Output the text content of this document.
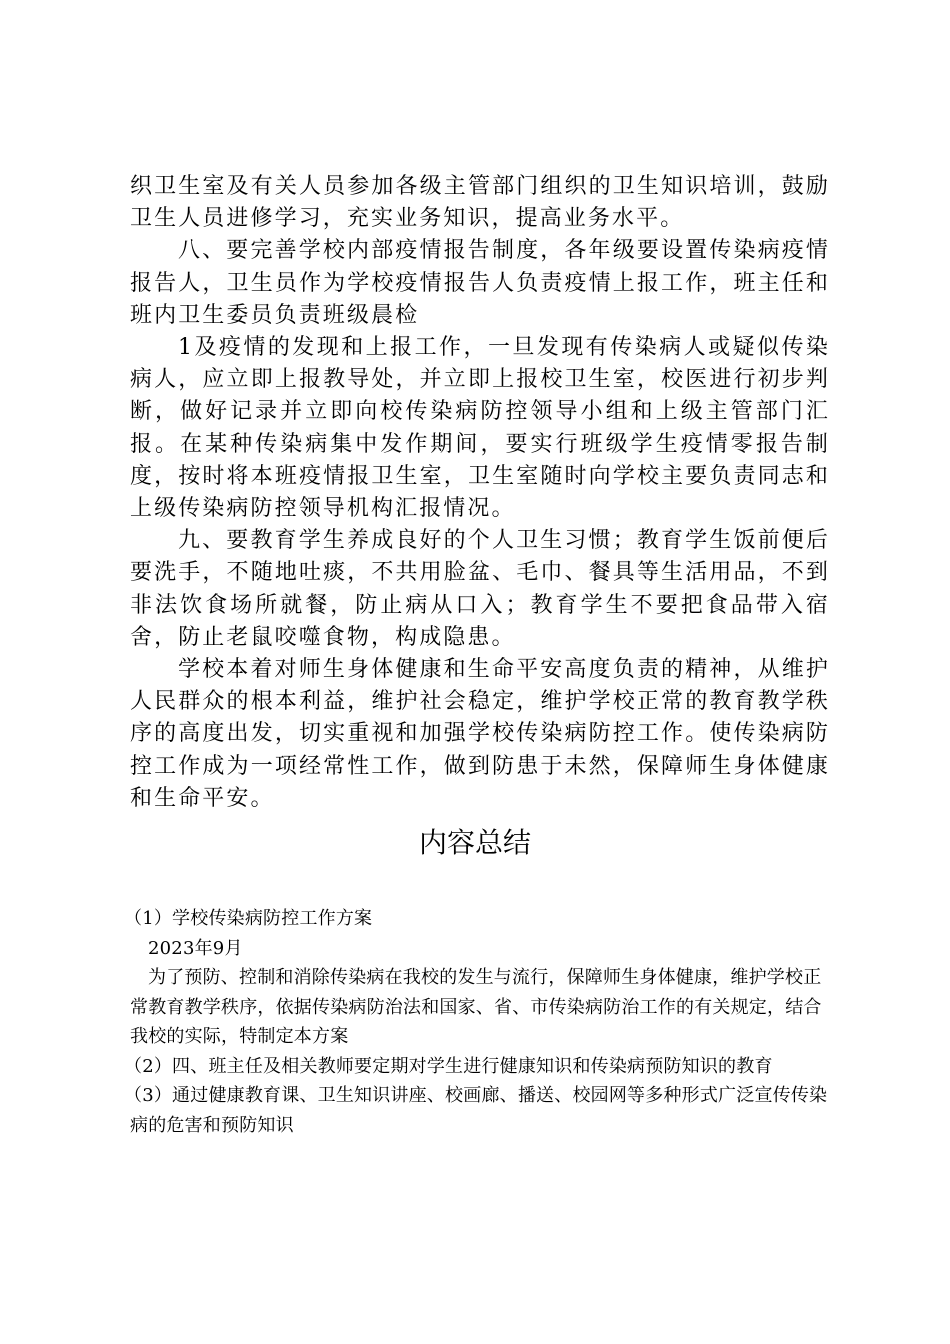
织卫生室及有关人员参加各级主管部门组织的卫生知识培训，鼓励卫生人员进修学习，充实业务知识，提高业务水平。

八、要完善学校内部疫情报告制度，各年级要设置传染病疫情报告人，卫生员作为学校疫情报告人负责疫情上报工作，班主任和班内卫生委员负责班级晨检

1及疫情的发现和上报工作，一旦发现有传染病人或疑似传染病人，应立即上报教导处，并立即上报校卫生室，校医进行初步判断，做好记录并立即向校传染病防控领导小组和上级主管部门汇报。在某种传染病集中发作期间，要实行班级学生疫情零报告制度，按时将本班疫情报卫生室，卫生室随时向学校主要负责同志和上级传染病防控领导机构汇报情况。

九、要教育学生养成良好的个人卫生习惯；教育学生饭前便后要洗手，不随地吐痰，不共用脸盆、毛巾、餐具等生活用品，不到非法饮食场所就餐，防止病从口入；教育学生不要把食品带入宿舍，防止老鼠咬噬食物，构成隐患。

学校本着对师生身体健康和生命平安高度负责的精神，从维护人民群众的根本利益，维护社会稳定，维护学校正常的教育教学秩序的高度出发，切实重视和加强学校传染病防控工作。使传染病防控工作成为一项经常性工作，做到防患于未然，保障师生身体健康和生命平安。

内容总结

（1）学校传染病防控工作方案

2023年9月

为了预防、控制和消除传染病在我校的发生与流行，保障师生身体健康，维护学校正常教育教学秩序，依据传染病防治法和国家、省、市传染病防治工作的有关规定，结合我校的实际，特制定本方案

（2）四、班主任及相关教师要定期对学生进行健康知识和传染病预防知识的教育

（3）通过健康教育课、卫生知识讲座、校画廊、播送、校园网等多种形式广泛宣传传染病的危害和预防知识
